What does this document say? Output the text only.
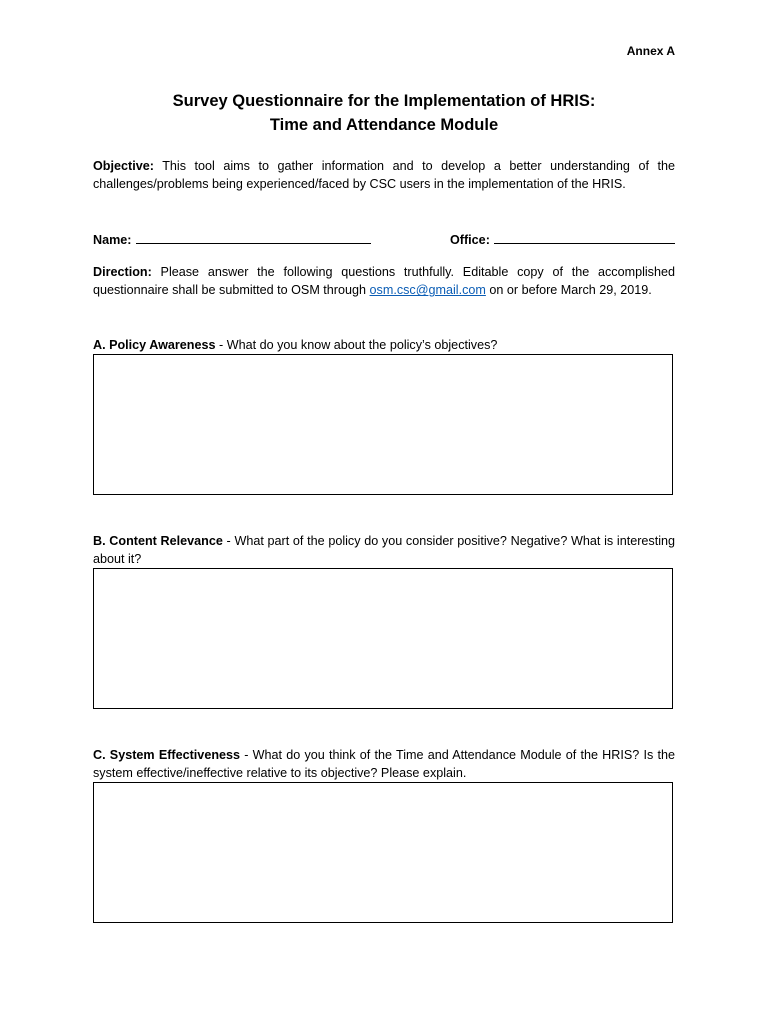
Annex A
Survey Questionnaire for the Implementation of HRIS:
Time and Attendance Module
Objective: This tool aims to gather information and to develop a better understanding of the challenges/problems being experienced/faced by CSC users in the implementation of the HRIS.
Name:	Office:
Direction: Please answer the following questions truthfully. Editable copy of the accomplished questionnaire shall be submitted to OSM through osm.csc@gmail.com on or before March 29, 2019.
A. Policy Awareness - What do you know about the policy’s objectives?
B. Content Relevance - What part of the policy do you consider positive? Negative? What is interesting about it?
C. System Effectiveness - What do you think of the Time and Attendance Module of the HRIS? Is the system effective/ineffective relative to its objective? Please explain.
